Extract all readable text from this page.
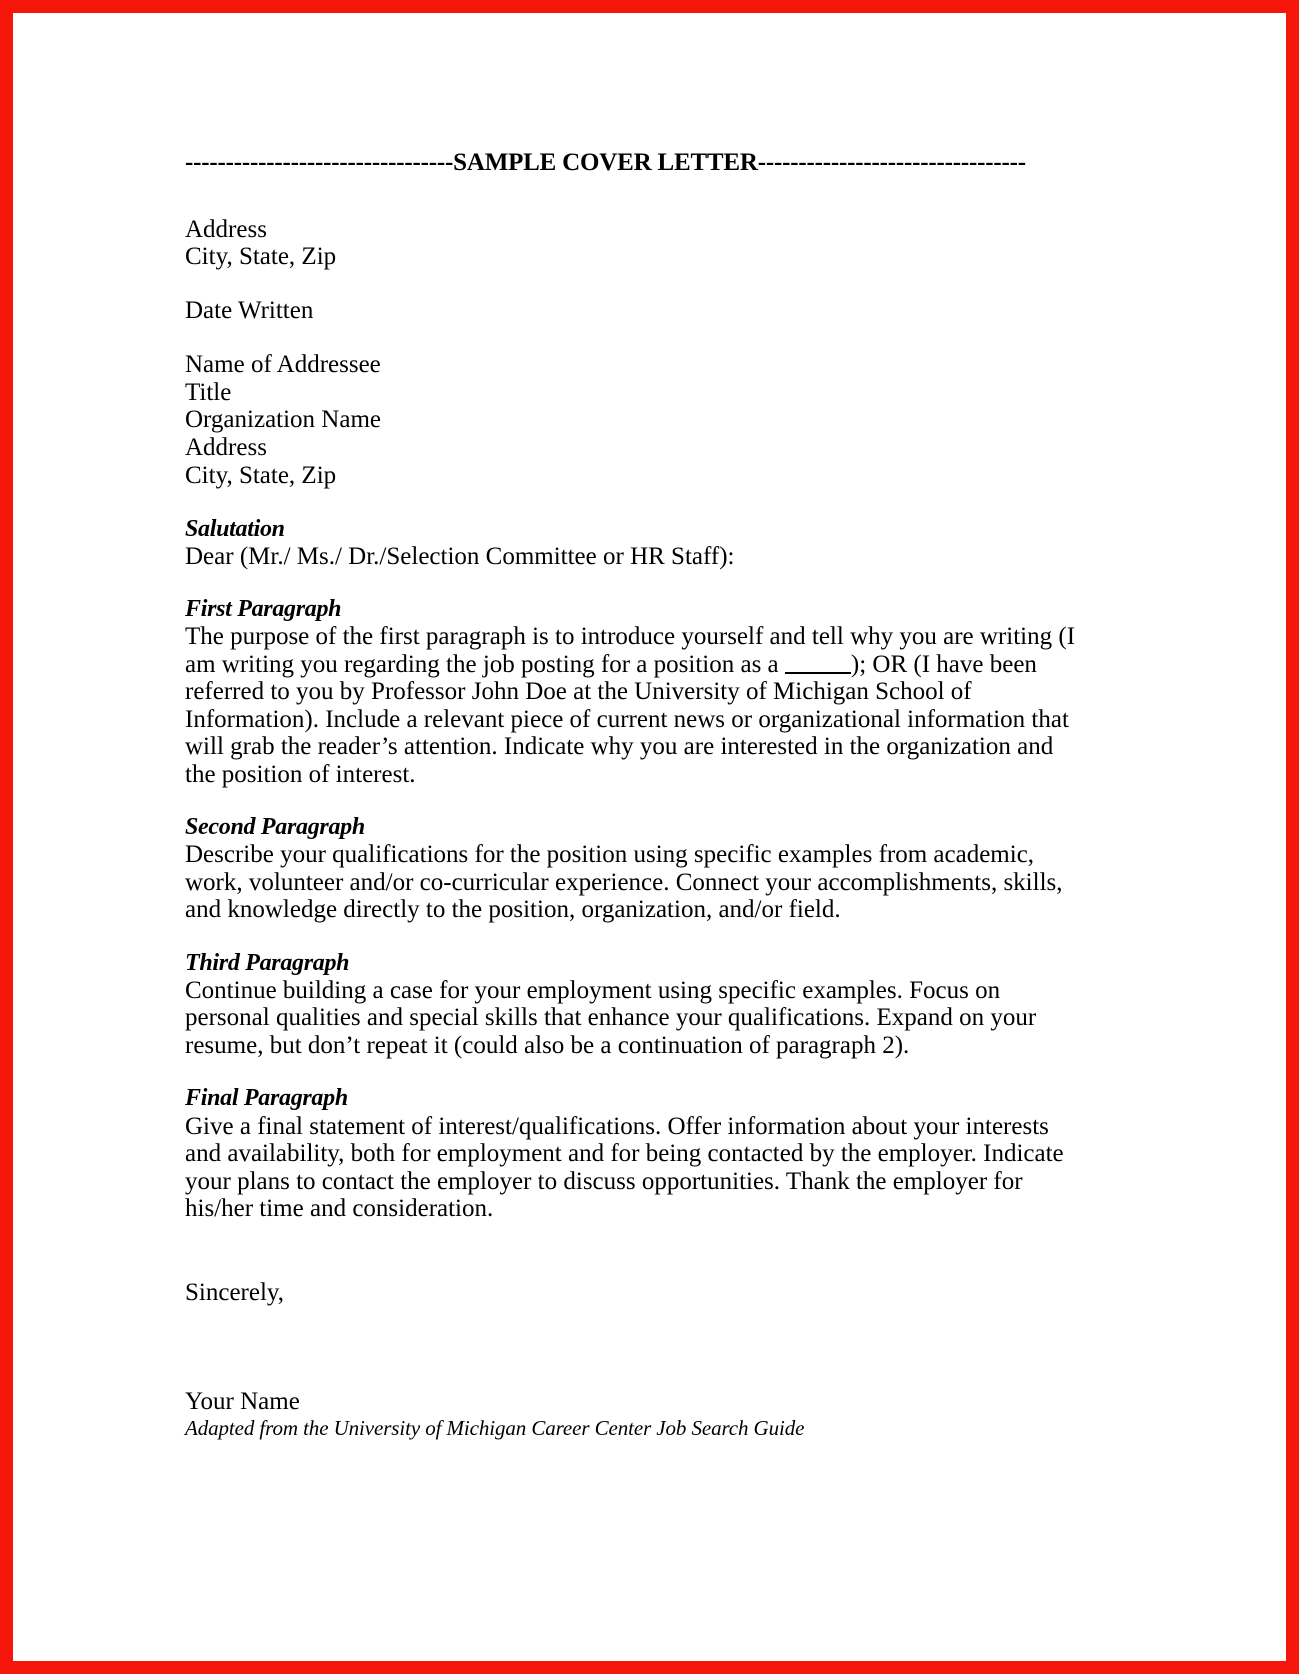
---------------------------------SAMPLE COVER LETTER---------------------------------
Address
City, State, Zip
Date Written
Name of Addressee
Title
Organization Name
Address
City, State, Zip
Salutation
Dear (Mr./ Ms./ Dr./Selection Committee or HR Staff):
First Paragraph
The purpose of the first paragraph is to introduce yourself and tell why you are writing (I
am writing you regarding the job posting for a position as a	); OR (I have been
referred to you by Professor John Doe at the University of Michigan School of
Information). Include a relevant piece of current news or organizational information that
will grab the reader’s attention. Indicate why you are interested in the organization and
the position of interest.
Second Paragraph
Describe your qualifications for the position using specific examples from academic,
work, volunteer and/or co-curricular experience. Connect your accomplishments, skills,
and knowledge directly to the position, organization, and/or field.
Third Paragraph
Continue building a case for your employment using specific examples. Focus on
personal qualities and special skills that enhance your qualifications. Expand on your
resume, but don’t repeat it (could also be a continuation of paragraph 2).
Final Paragraph
Give a final statement of interest/qualifications. Offer information about your interests
and availability, both for employment and for being contacted by the employer. Indicate
your plans to contact the employer to discuss opportunities. Thank the employer for
his/her time and consideration.
Sincerely,
Your Name
Adapted from the University of Michigan Career Center Job Search Guide
